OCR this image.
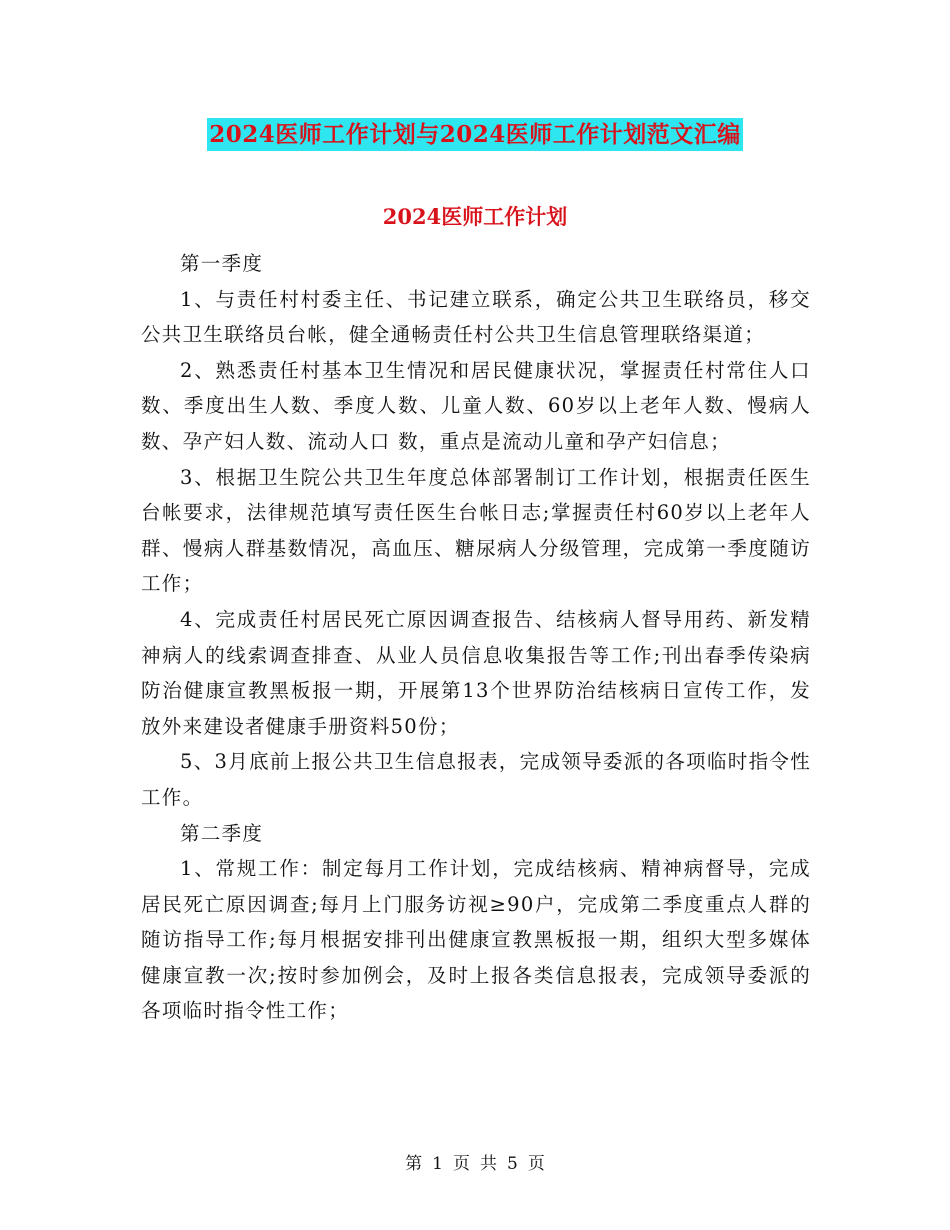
2024医师工作计划与2024医师工作计划范文汇编
2024医师工作计划

第一季度

1、与责任村村委主任、书记建立联系，确定公共卫生联络员，移交公共卫生联络员台帐，健全通畅责任村公共卫生信息管理联络渠道；

2、熟悉责任村基本卫生情况和居民健康状况，掌握责任村常住人口数、季度出生人数、季度人数、儿童人数、60岁以上老年人数、慢病人数、孕产妇人数、流动人口 数，重点是流动儿童和孕产妇信息；

3、根据卫生院公共卫生年度总体部署制订工作计划，根据责任医生台帐要求，法律规范填写责任医生台帐日志;掌握责任村60岁以上老年人群、慢病人群基数情况，高血压、糖尿病人分级管理，完成第一季度随访工作；

4、完成责任村居民死亡原因调查报告、结核病人督导用药、新发精神病人的线索调查排查、从业人员信息收集报告等工作;刊出春季传染病防治健康宣教黑板报一期，开展第13个世界防治结核病日宣传工作，发放外来建设者健康手册资料50份；

5、3月底前上报公共卫生信息报表，完成领导委派的各项临时指令性工作。

第二季度

1、常规工作：制定每月工作计划，完成结核病、精神病督导，完成居民死亡原因调查;每月上门服务访视≥90户，完成第二季度重点人群的随访指导工作;每月根据安排刊出健康宣教黑板报一期，组织大型多媒体健康宣教一次;按时参加例会，及时上报各类信息报表，完成领导委派的各项临时指令性工作；

第 1 页 共 5 页
